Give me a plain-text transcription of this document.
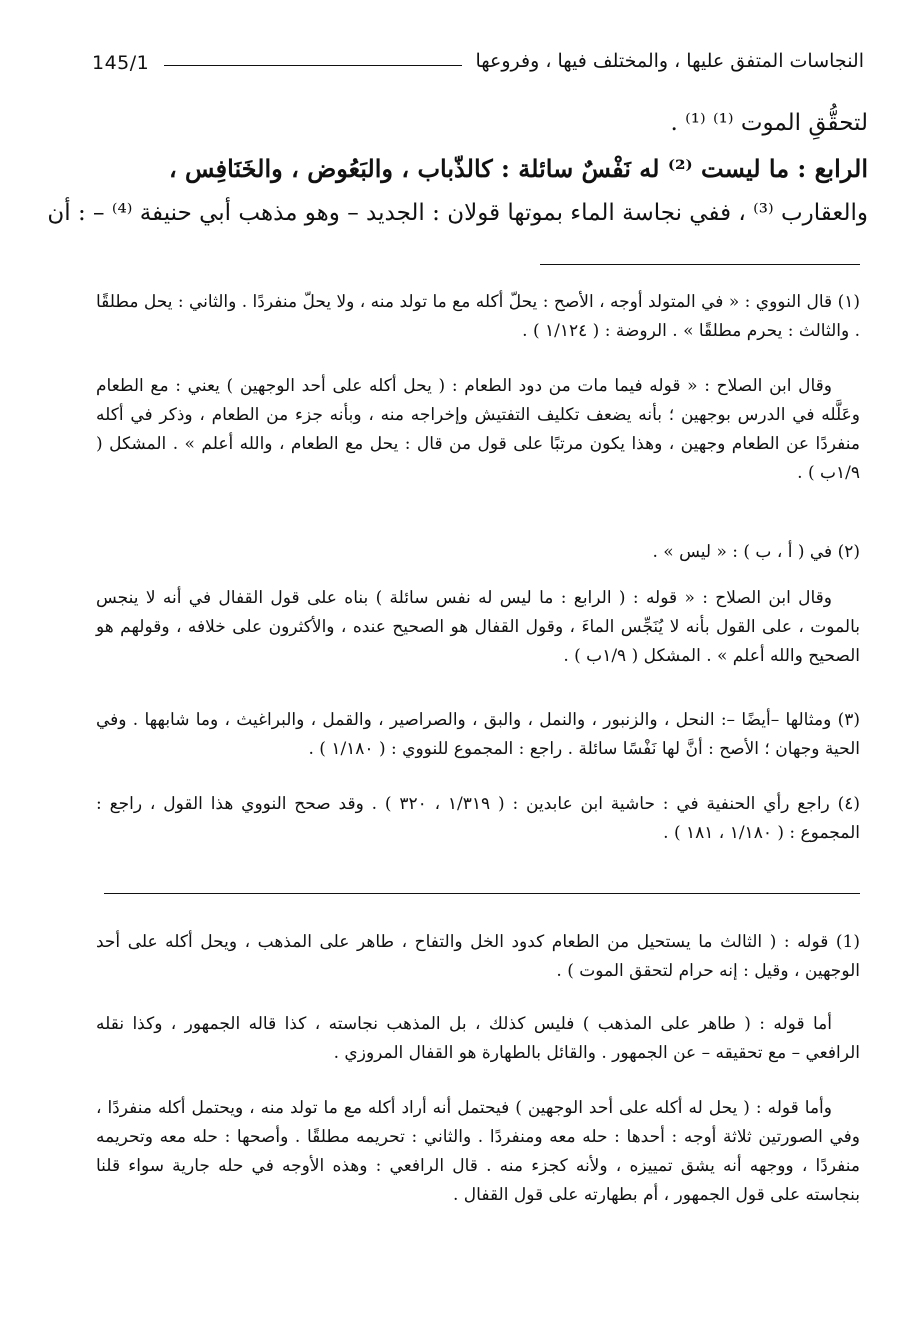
145/1	النجاسات المتفق عليها ، والمختلف فيها ، وفروعها
لتحقُّقِ الموت ⁽¹⁾ ⁽¹⁾ .
الرابع : ما ليست ⁽²⁾ له نَفْسٌ سائلة : كالذّباب ، والبَعُوض ، والخَنَافِس ،
والعقارب ⁽³⁾ ، ففي نجاسة الماء بموتها قولان : الجديد – وهو مذهب أبي حنيفة ⁽⁴⁾ – : أن

(١) قال النووي : « في المتولد أوجه ، الأصح : يحلّ أكله مع ما تولد منه ، ولا يحلّ منفردًا . والثاني : يحل مطلقًا . والثالث : يحرم مطلقًا » . الروضة : ( ١/١٢٤ ) .

وقال ابن الصلاح : « قوله فيما مات من دود الطعام : ( يحل أكله على أحد الوجهين ) يعني : مع الطعام وعَلَّله في الدرس بوجهين ؛ بأنه يضعف تكليف التفتيش وإخراجه منه ، وبأنه جزء من الطعام ، وذكر في أكله منفردًا عن الطعام وجهين ، وهذا يكون مرتبًا على قول من قال : يحل مع الطعام ، والله أعلم » . المشكل ( ١/٩ب ) .

(٢) في ( أ ، ب ) : « ليس » .

وقال ابن الصلاح : « قوله : ( الرابع : ما ليس له نفس سائلة ) بناه على قول القفال في أنه لا ينجس بالموت ، على القول بأنه لا يُنَجِّس الماءَ ، وقول القفال هو الصحيح عنده ، والأكثرون على خلافه ، وقولهم هو الصحيح والله أعلم » . المشكل ( ١/٩ب ) .

(٣) ومثالها –أيضًا –: النحل ، والزنبور ، والنمل ، والبق ، والصراصير ، والقمل ، والبراغيث ، وما شابهها . وفي الحية وجهان ؛ الأصح : أنَّ لها نَفْسًا سائلة . راجع : المجموع للنووي : ( ١/١٨٠ ) .

(٤) راجع رأي الحنفية في : حاشية ابن عابدين : ( ١/٣١٩ ، ٣٢٠ ) . وقد صحح النووي هذا القول ، راجع : المجموع : ( ١/١٨٠ ، ١٨١ ) .

(1) قوله : ( الثالث ما يستحيل من الطعام كدود الخل والتفاح ، طاهر على المذهب ، ويحل أكله على أحد الوجهين ، وقيل : إنه حرام لتحقق الموت ) .

أما قوله : ( طاهر على المذهب ) فليس كذلك ، بل المذهب نجاسته ، كذا قاله الجمهور ، وكذا نقله الرافعي – مع تحقيقه – عن الجمهور . والقائل بالطهارة هو القفال المروزي .

وأما قوله : ( يحل له أكله على أحد الوجهين ) فيحتمل أنه أراد أكله مع ما تولد منه ، ويحتمل أكله منفردًا ، وفي الصورتين ثلاثة أوجه : أحدها : حله معه ومنفردًا . والثاني : تحريمه مطلقًا . وأصحها : حله معه وتحريمه منفردًا ، ووجهه أنه يشق تمييزه ، ولأنه كجزء منه . قال الرافعي : وهذه الأوجه في حله جارية سواء قلنا بنجاسته على قول الجمهور ، أم بطهارته على قول القفال .
